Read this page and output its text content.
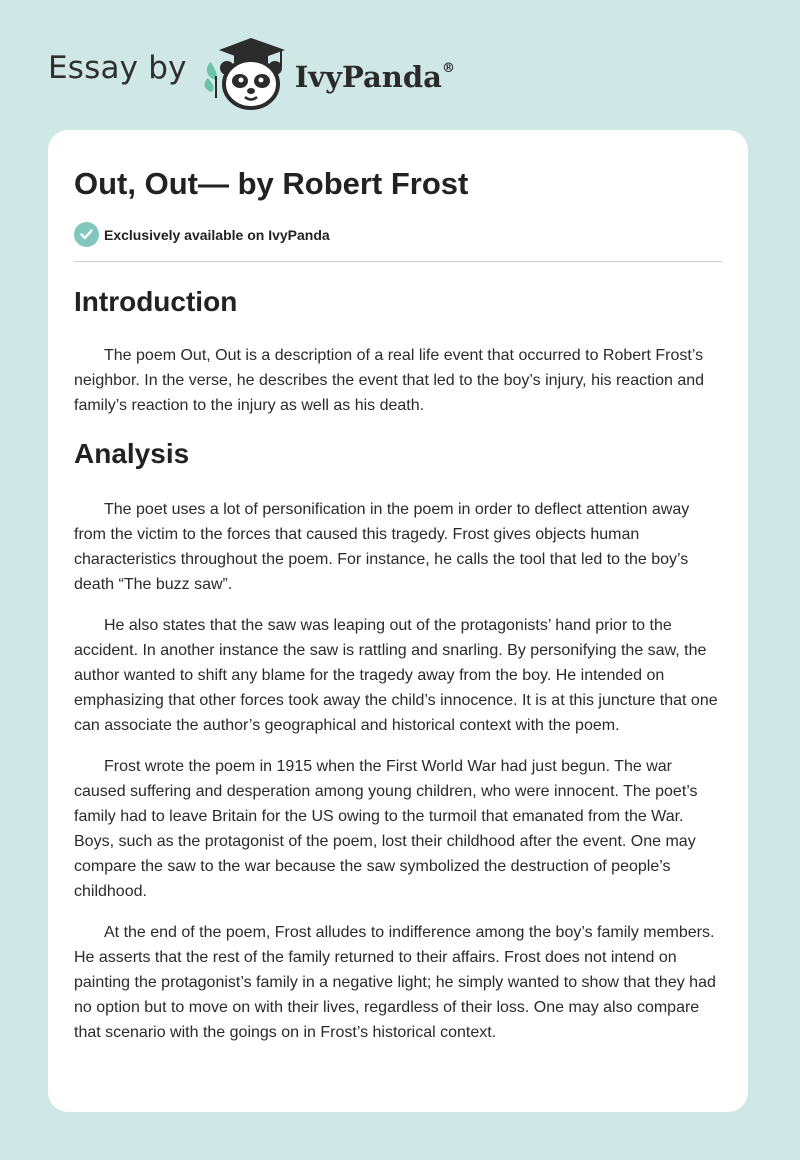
Essay by	IvyPanda®
Out, Out— by Robert Frost
Exclusively available on IvyPanda
Introduction

The poem Out, Out is a description of a real life event that occurred to Robert Frost’s neighbor. In the verse, he describes the event that led to the boy’s injury, his reaction and family’s reaction to the injury as well as his death.

Analysis

The poet uses a lot of personification in the poem in order to deflect attention away from the victim to the forces that caused this tragedy. Frost gives objects human characteristics throughout the poem. For instance, he calls the tool that led to the boy’s death “The buzz saw”.

He also states that the saw was leaping out of the protagonists’ hand prior to the accident. In another instance the saw is rattling and snarling. By personifying the saw, the author wanted to shift any blame for the tragedy away from the boy. He intended on emphasizing that other forces took away the child’s innocence. It is at this juncture that one can associate the author’s geographical and historical context with the poem.

Frost wrote the poem in 1915 when the First World War had just begun. The war caused suffering and desperation among young children, who were innocent. The poet’s family had to leave Britain for the US owing to the turmoil that emanated from the War. Boys, such as the protagonist of the poem, lost their childhood after the event. One may compare the saw to the war because the saw symbolized the destruction of people’s childhood.

At the end of the poem, Frost alludes to indifference among the boy’s family members. He asserts that the rest of the family returned to their affairs. Frost does not intend on painting the protagonist’s family in a negative light; he simply wanted to show that they had no option but to move on with their lives, regardless of their loss. One may also compare that scenario with the goings on in Frost’s historical context.
